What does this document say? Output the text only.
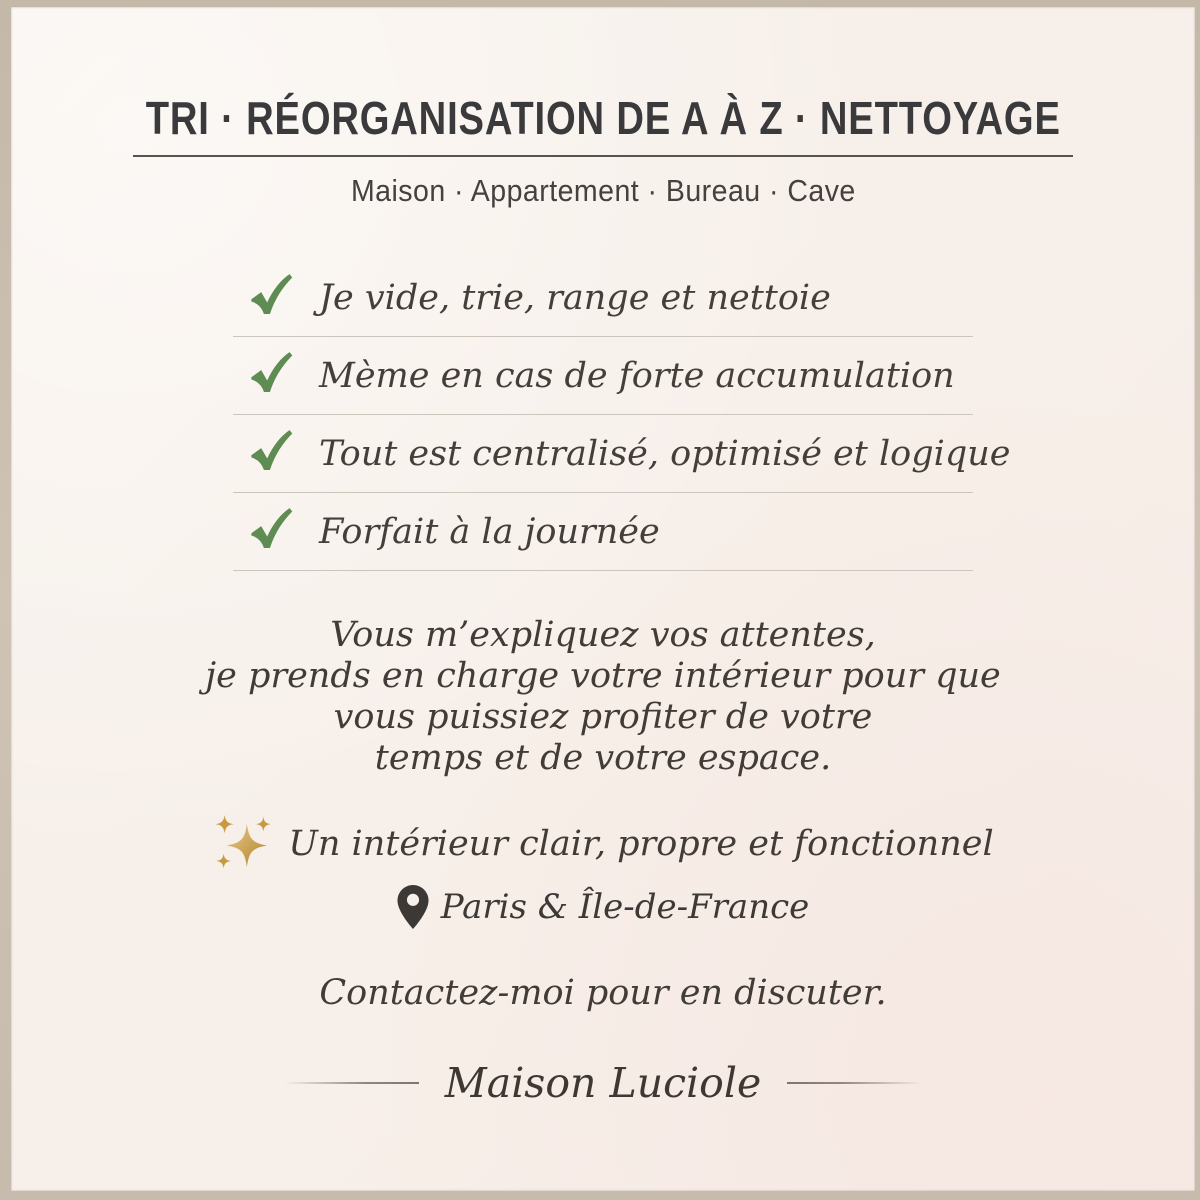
TRI · RÉORGANISATION DE A À Z · NETTOYAGE
Maison · Appartement · Bureau · Cave
Je vide, trie, range et nettoie
Mème en cas de forte accumulation
Tout est centralisé, optimisé et logique
Forfait à la journée
Vous m’expliquez vos attentes,
je prends en charge votre intérieur pour que
vous puissiez profiter de votre
temps et de votre espace.
Un intérieur clair, propre et fonctionnel
Paris & Île-de-France
Contactez-moi pour en discuter.
Maison Luciole
